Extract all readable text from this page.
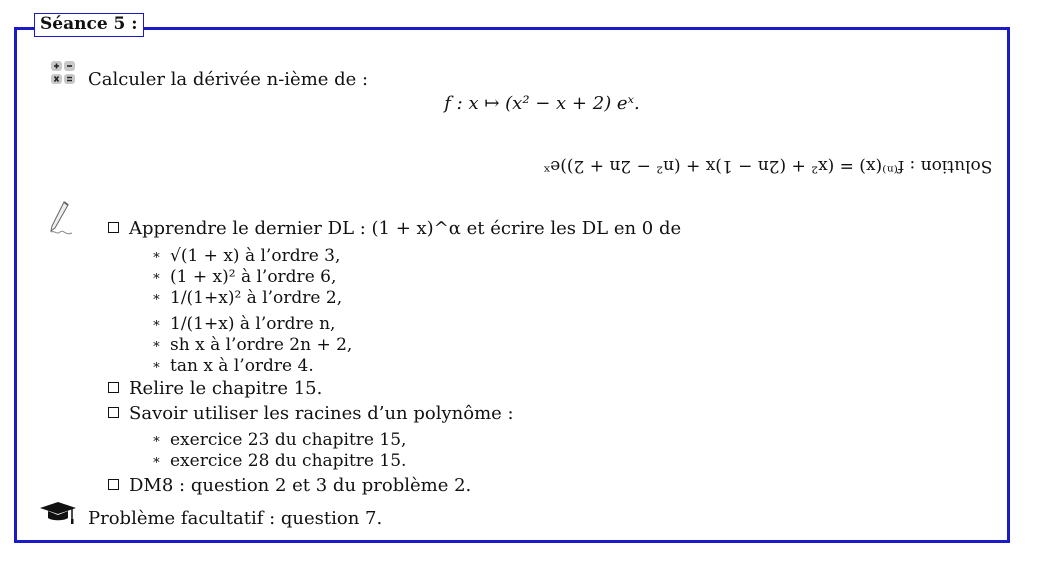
Séance 5 :
Calculer la dérivée n-ième de :
f : x ↦ (x² − x + 2) eˣ.
Solution : f⁽ⁿ⁾(x) = (x² + (2n − 1)x + (n² − 2n + 2))eˣ
Apprendre le dernier DL : (1 + x)^α et écrire les DL en 0 de
∗ √(1 + x) à l’ordre 3,
∗ (1 + x)² à l’ordre 6,
∗ 1/(1+x)² à l’ordre 2,
∗ 1/(1+x) à l’ordre n,
∗ sh x à l’ordre 2n + 2,
∗ tan x à l’ordre 4.
Relire le chapitre 15.
Savoir utiliser les racines d’un polynôme :
∗ exercice 23 du chapitre 15,
∗ exercice 28 du chapitre 15.
DM8 : question 2 et 3 du problème 2.
Problème facultatif : question 7.
